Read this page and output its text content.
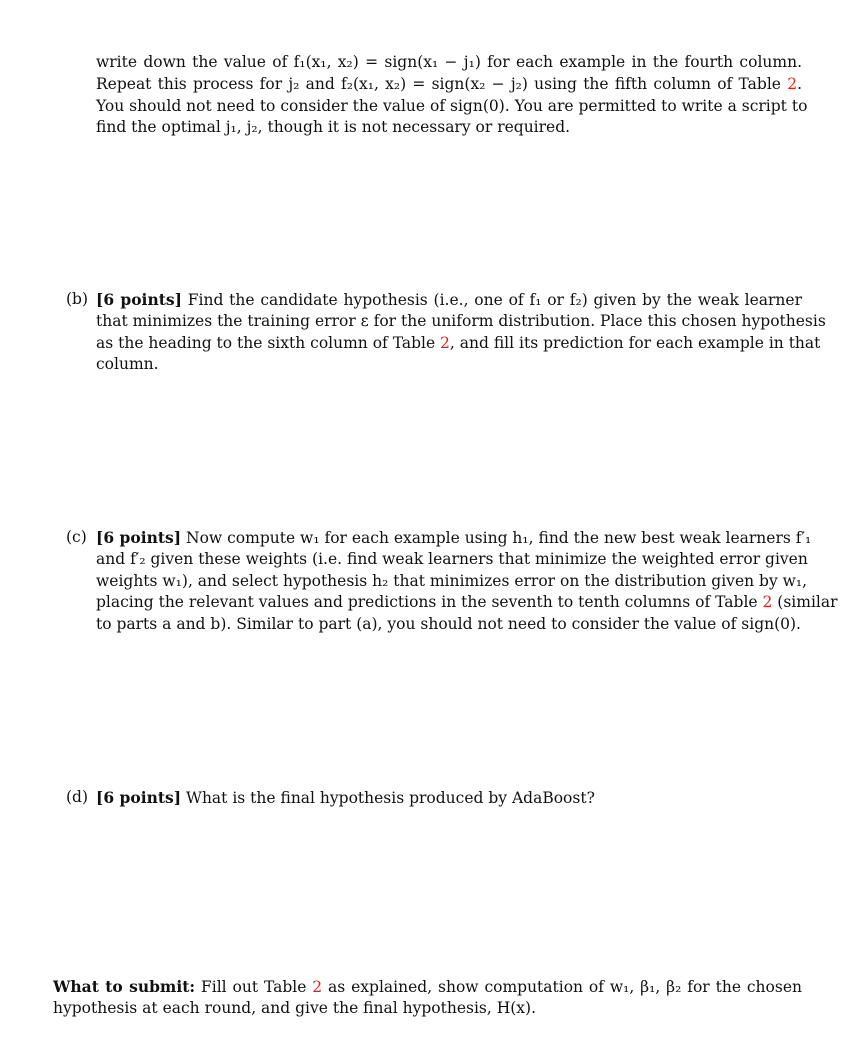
write down the value of f₁(x₁, x₂) = sign(x₁ − j₁) for each example in the fourth column.
Repeat this process for j₂ and f₂(x₁, x₂) = sign(x₂ − j₂) using the fifth column of Table 2.
You should not need to consider the value of sign(0). You are permitted to write a script to
find the optimal j₁, j₂, though it is not necessary or required.
(b) [6 points] Find the candidate hypothesis (i.e., one of f₁ or f₂) given by the weak learner
that minimizes the training error ε for the uniform distribution. Place this chosen hypothesis
as the heading to the sixth column of Table 2, and fill its prediction for each example in that
column.
(c) [6 points] Now compute w₁ for each example using h₁, find the new best weak learners f′₁
and f′₂ given these weights (i.e. find weak learners that minimize the weighted error given
weights w₁), and select hypothesis h₂ that minimizes error on the distribution given by w₁,
placing the relevant values and predictions in the seventh to tenth columns of Table 2 (similar
to parts a and b). Similar to part (a), you should not need to consider the value of sign(0).
(d) [6 points] What is the final hypothesis produced by AdaBoost?
What to submit: Fill out Table 2 as explained, show computation of w₁, β₁, β₂ for the chosen
hypothesis at each round, and give the final hypothesis, H(x).
